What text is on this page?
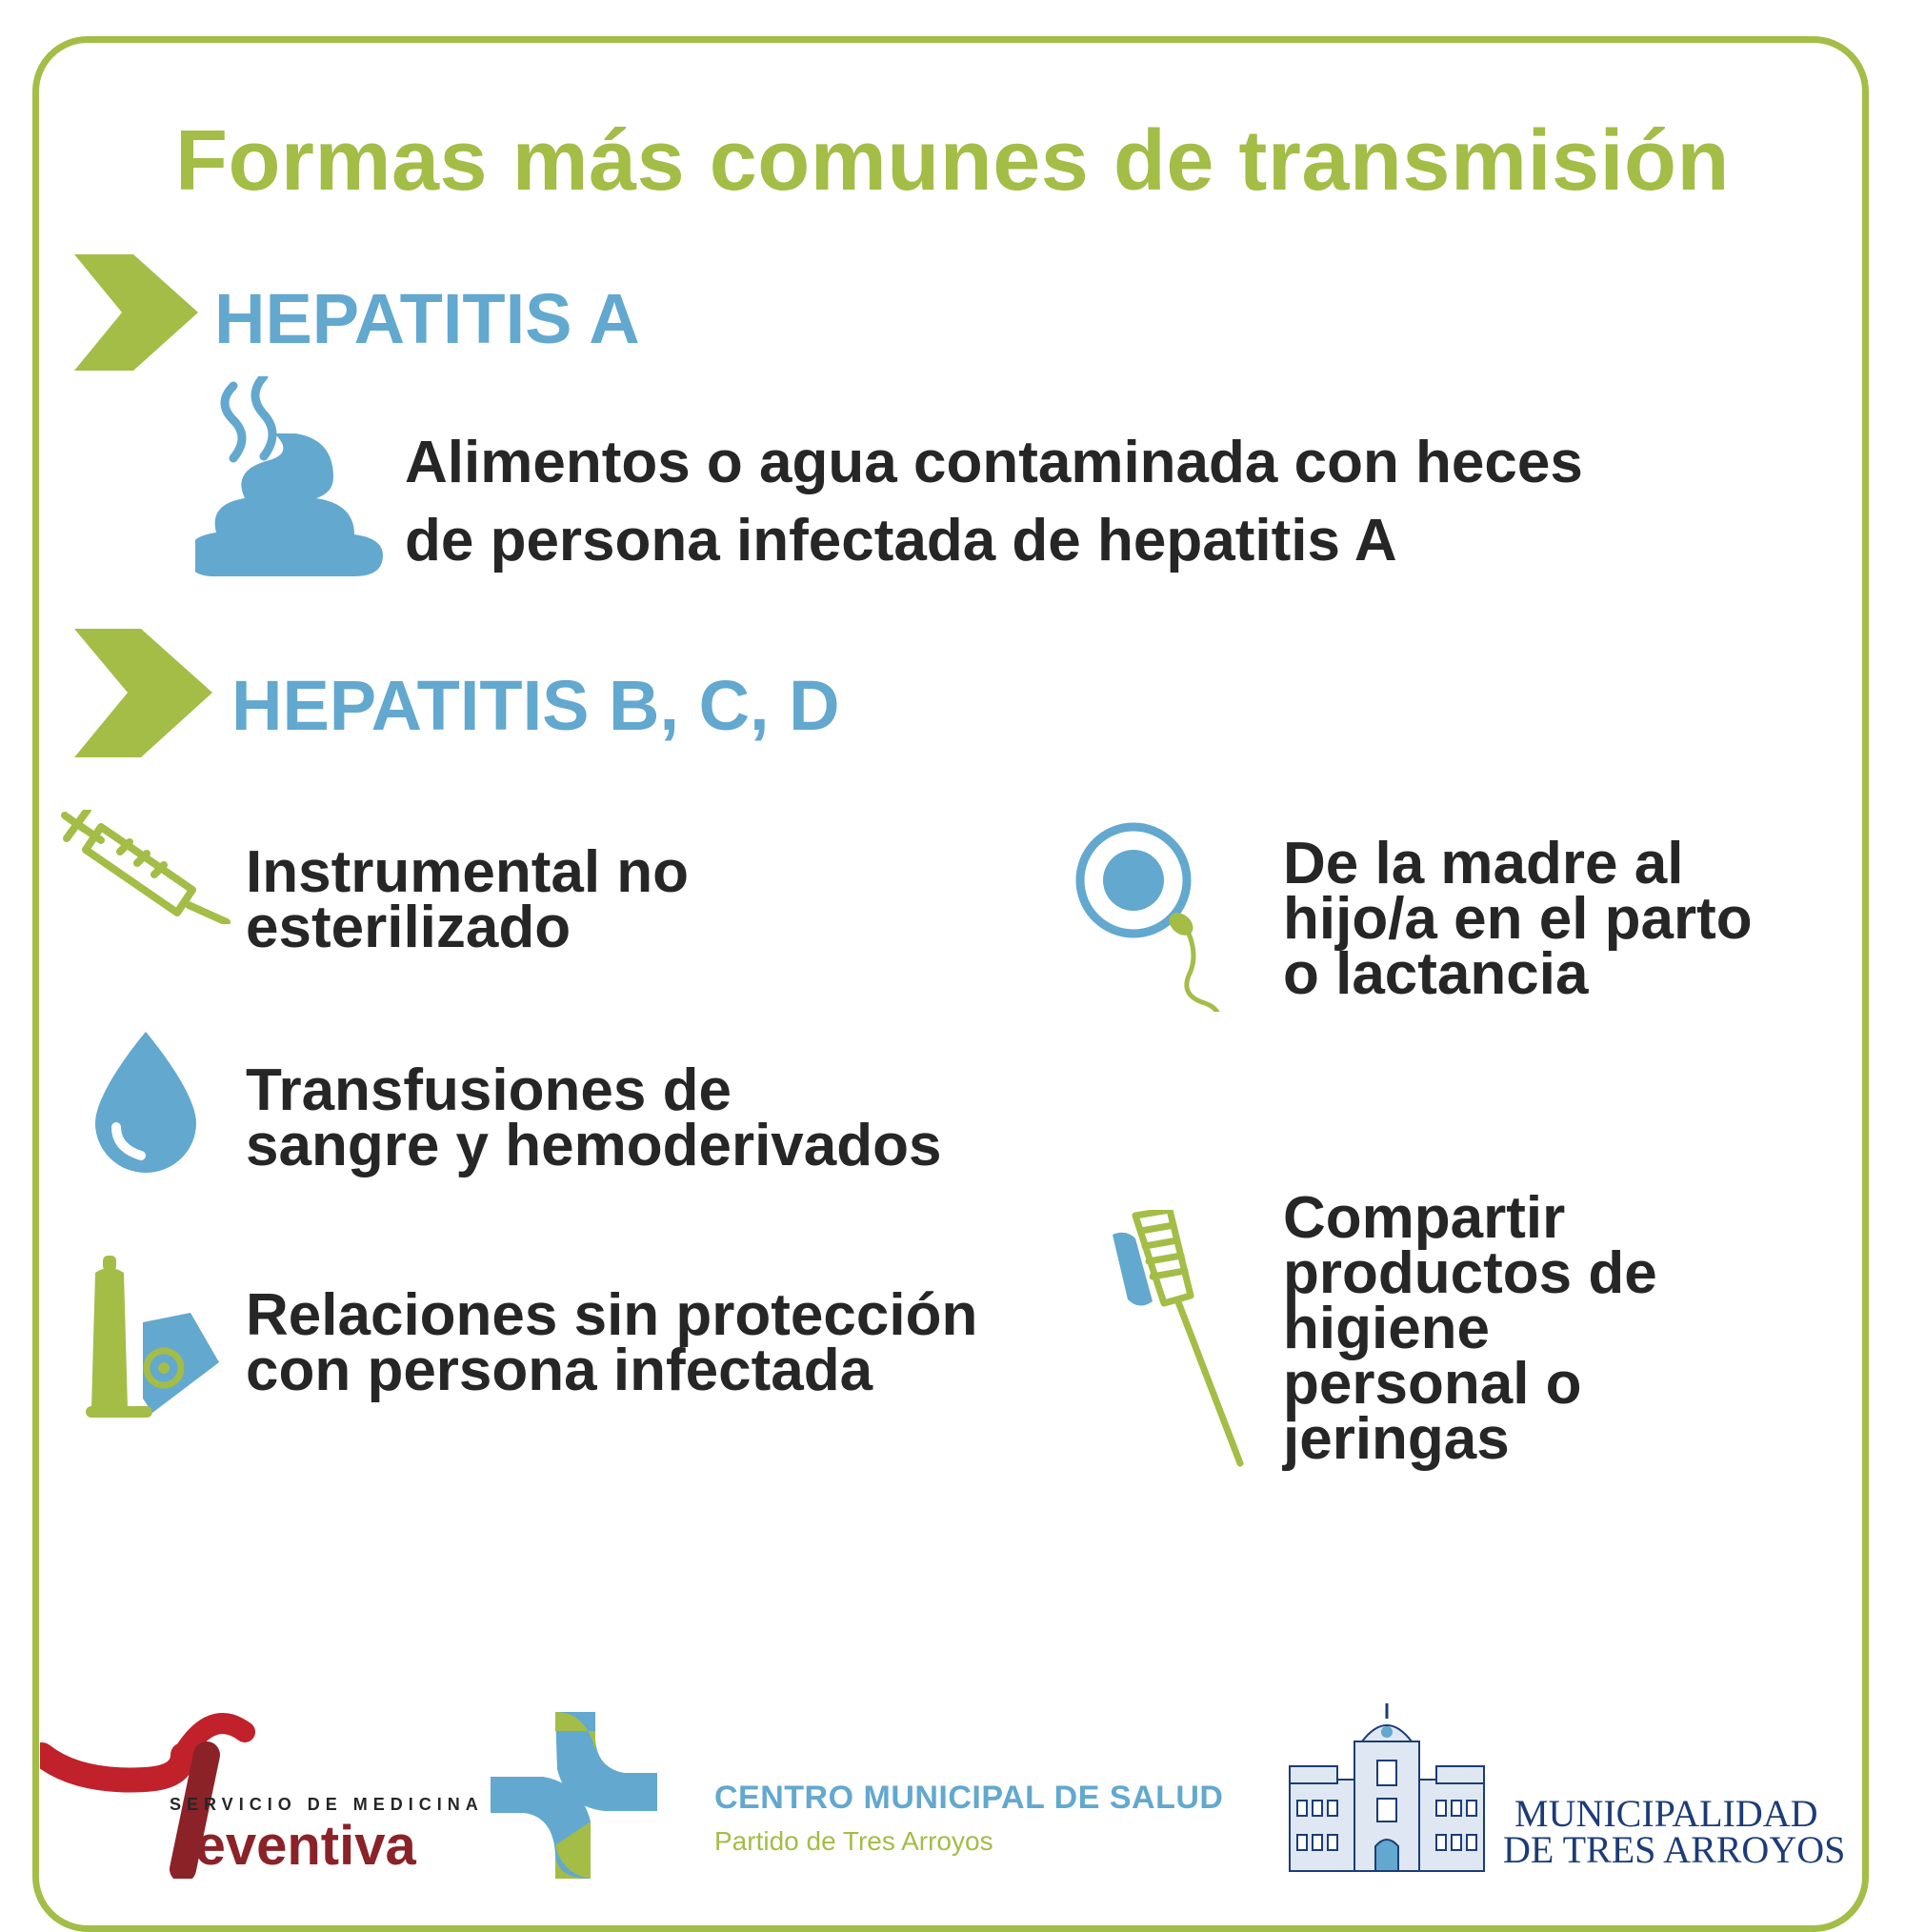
Formas más comunes de transmisión
HEPATITIS A
Alimentos o agua contaminada con heces
de persona infectada de hepatitis A
HEPATITIS B, C, D
Instrumental no
esterilizado
Transfusiones de
sangre y hemoderivados
Relaciones sin protección
con persona infectada
De la madre al
hijo/a en el parto
o lactancia
Compartir
productos de
higiene
personal o
jeringas
SERVICIO DE MEDICINA
reventiva
CENTRO MUNICIPAL DE SALUD
Partido de Tres Arroyos
MUNICIPALIDAD
DE TRES ARROYOS
